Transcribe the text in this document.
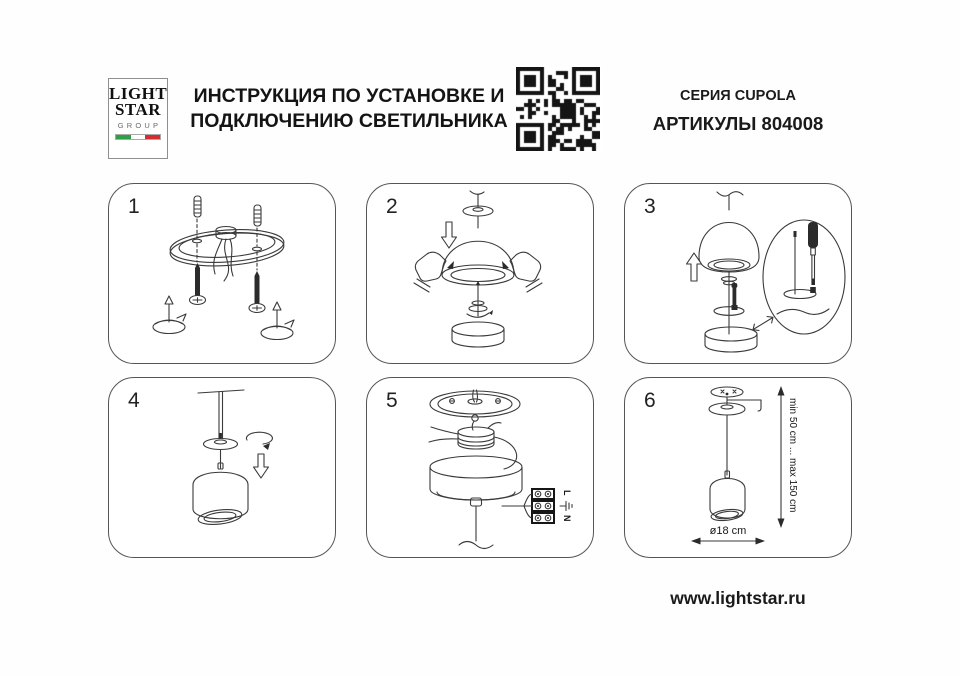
LIGHT
STAR
GROUP
ИНСТРУКЦИЯ ПО УСТАНОВКЕ И
ПОДКЛЮЧЕНИЮ СВЕТИЛЬНИКА
СЕРИЯ CUPOLA
АРТИКУЛЫ 804008
1	2	3
4	5
L
N
6	min 50 cm ... max 150 cm
ø18 cm
www.lightstar.ru
